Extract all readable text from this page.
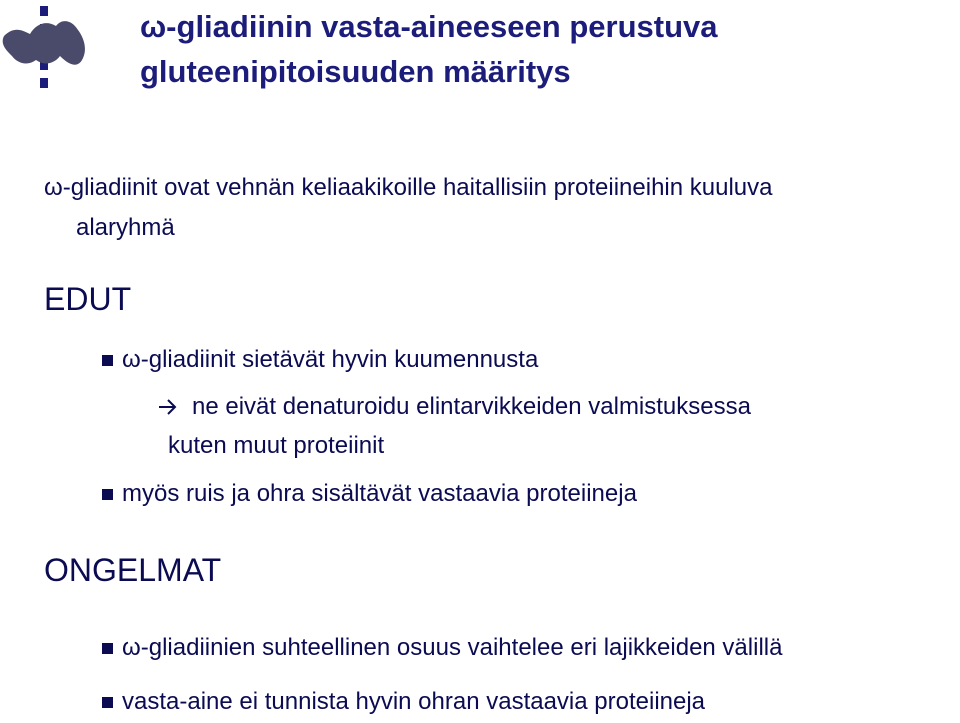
ω-gliadiinin vasta-aineeseen perustuva
gluteenipitoisuuden määritys
ω-gliadiinit ovat vehnän keliaakikoille haitallisiin proteiineihin kuuluva
alaryhmä
EDUT
ω-gliadiinit sietävät hyvin kuumennusta
ne eivät denaturoidu elintarvikkeiden valmistuksessa
kuten muut proteiinit
myös ruis ja ohra sisältävät vastaavia proteiineja
ONGELMAT
ω-gliadiinien suhteellinen osuus vaihtelee eri lajikkeiden välillä
vasta-aine ei tunnista hyvin ohran vastaavia proteiineja
